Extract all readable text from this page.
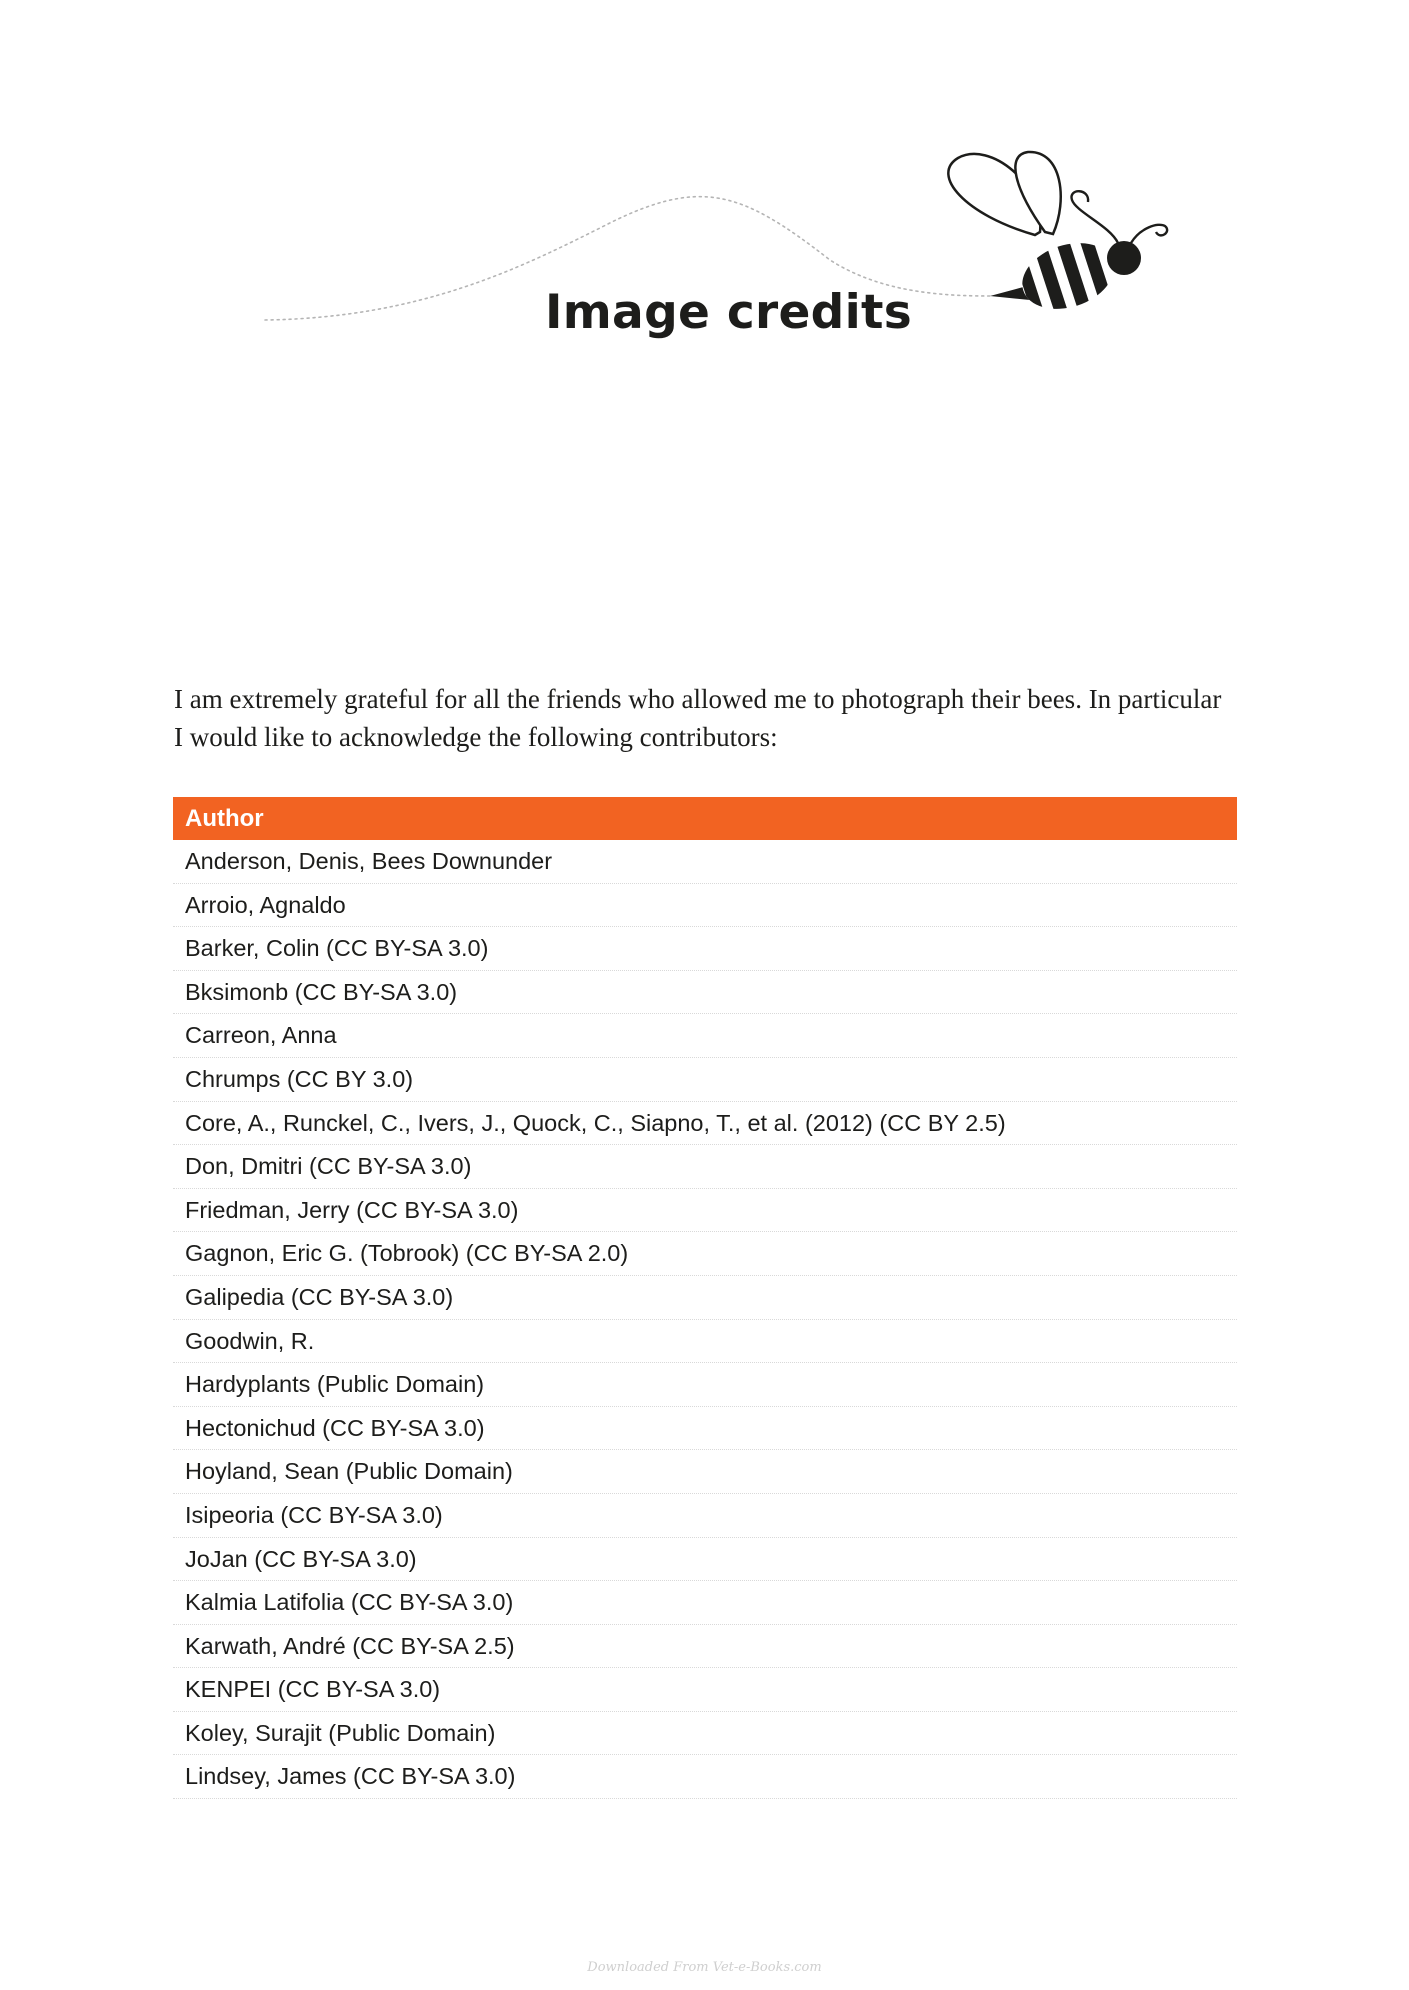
Image credits

I am extremely grateful for all the friends who allowed me to photograph their bees. In particular I would like to acknowledge the following contributors:

Author
Anderson, Denis, Bees Downunder
Arroio, Agnaldo
Barker, Colin (CC BY-SA 3.0)
Bksimonb (CC BY-SA 3.0)
Carreon, Anna
Chrumps (CC BY 3.0)
Core, A., Runckel, C., Ivers, J., Quock, C., Siapno, T., et al. (2012) (CC BY 2.5)
Don, Dmitri (CC BY-SA 3.0)
Friedman, Jerry (CC BY-SA 3.0)
Gagnon, Eric G. (Tobrook) (CC BY-SA 2.0)
Galipedia (CC BY-SA 3.0)
Goodwin, R.
Hardyplants (Public Domain)
Hectonichud (CC BY-SA 3.0)
Hoyland, Sean (Public Domain)
Isipeoria (CC BY-SA 3.0)
JoJan (CC BY-SA 3.0)
Kalmia Latifolia (CC BY-SA 3.0)
Karwath, André (CC BY-SA 2.5)
KENPEI (CC BY-SA 3.0)
Koley, Surajit (Public Domain)
Lindsey, James (CC BY-SA 3.0)
Downloaded From Vet-e-Books.com
